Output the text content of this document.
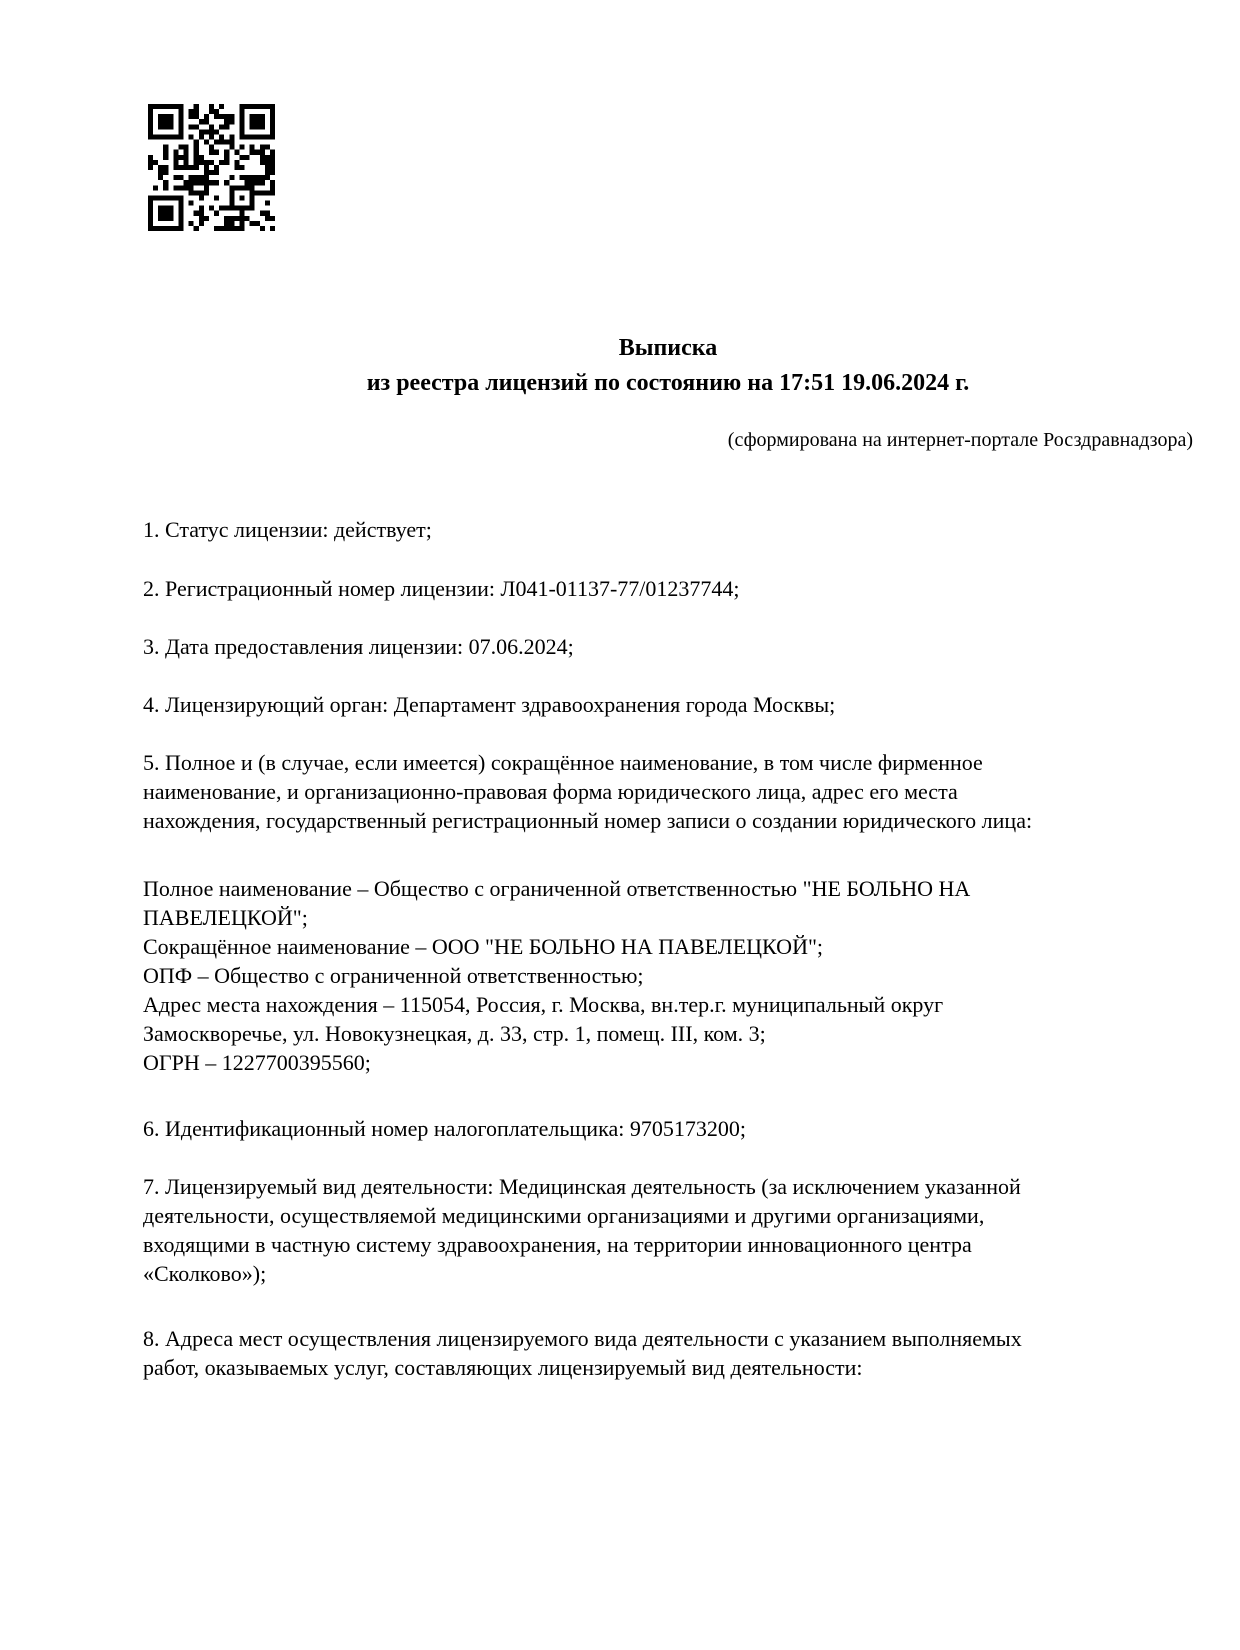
Выписка
из реестра лицензий по состоянию на 17:51 19.06.2024 г.
(сформирована на интернет-портале Росздравнадзора)
1. Статус лицензии: действует;
2. Регистрационный номер лицензии: Л041-01137-77/01237744;
3. Дата предоставления лицензии: 07.06.2024;
4. Лицензирующий орган: Департамент здравоохранения города Москвы;
5. Полное и (в случае, если имеется) сокращённое наименование, в том числе фирменное
наименование, и организационно-правовая форма юридического лица, адрес его места
нахождения, государственный регистрационный номер записи о создании юридического лица:
Полное наименование – Общество с ограниченной ответственностью "НЕ БОЛЬНО НА
ПАВЕЛЕЦКОЙ";
Сокращённое наименование – ООО "НЕ БОЛЬНО НА ПАВЕЛЕЦКОЙ";
ОПФ – Общество с ограниченной ответственностью;
Адрес места нахождения – 115054, Россия, г. Москва, вн.тер.г. муниципальный округ
Замоскворечье, ул. Новокузнецкая, д. 33, стр. 1, помещ. III, ком. 3;
ОГРН – 1227700395560;
6. Идентификационный номер налогоплательщика: 9705173200;
7. Лицензируемый вид деятельности: Медицинская деятельность (за исключением указанной
деятельности, осуществляемой медицинскими организациями и другими организациями,
входящими в частную систему здравоохранения, на территории инновационного центра
«Сколково»);
8. Адреса мест осуществления лицензируемого вида деятельности с указанием выполняемых
работ, оказываемых услуг, составляющих лицензируемый вид деятельности:
